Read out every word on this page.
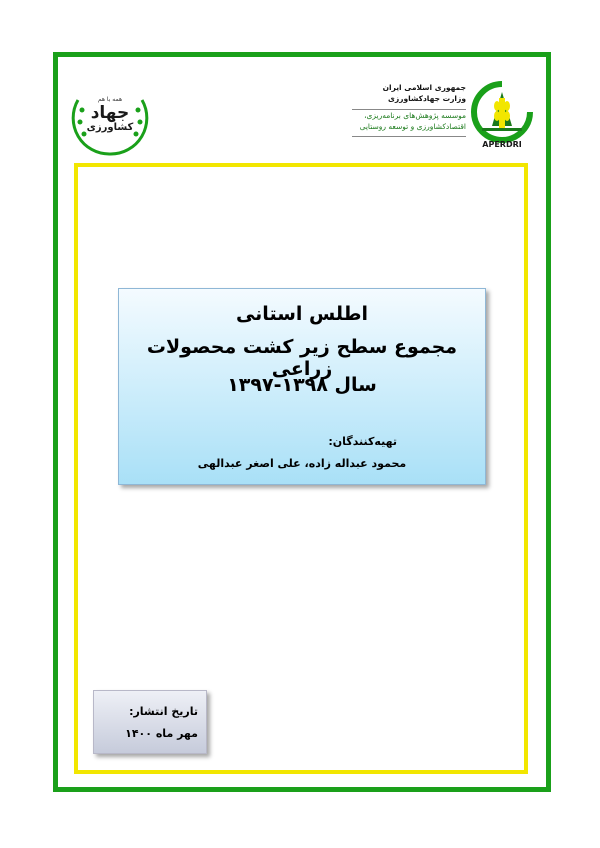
APERDRI
جمهوری اسلامی ایران
وزارت جهادکشاورزی
موسسه پژوهش‌های برنامه‌ریزی،
اقتصادکشاورزی و توسعه روستایی
همه با هم
جهاد
کشاورزی
اطلس استانی
مجموع سطح زیر کشت محصولات زراعی
سال ۱۳۹۸-۱۳۹۷
تهیه‌کنندگان:
محمود عبداله زاده، علی اصغر عبدالهی
تاریخ انتشار:
مهر ماه ۱۴۰۰
